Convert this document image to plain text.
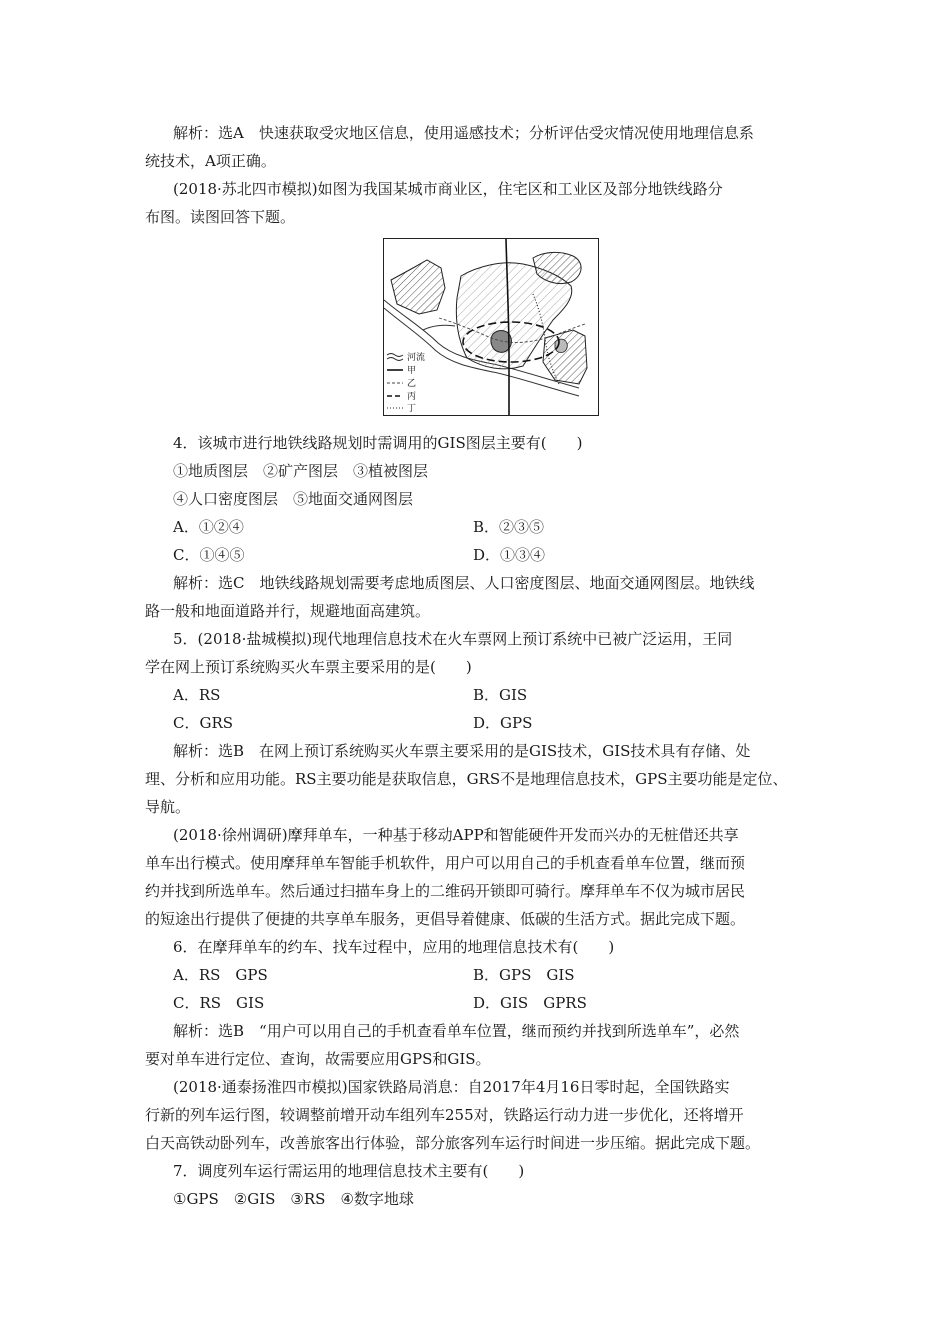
解析：选A　快速获取受灾地区信息，使用遥感技术；分析评估受灾情况使用地理信息系
统技术，A项正确。
(2018·苏北四市模拟)如图为我国某城市商业区，住宅区和工业区及部分地铁线路分
布图。读图回答下题。
河流
甲
乙
丙
丁
4．该城市进行地铁线路规划时需调用的GIS图层主要有(　　)
①地质图层　②矿产图层　③植被图层
④人口密度图层　⑤地面交通网图层
A．①②④	B．②③⑤
C．①④⑤	D．①③④
解析：选C　地铁线路规划需要考虑地质图层、人口密度图层、地面交通网图层。地铁线
路一般和地面道路并行，规避地面高建筑。
5．(2018·盐城模拟)现代地理信息技术在火车票网上预订系统中已被广泛运用，王同
学在网上预订系统购买火车票主要采用的是(　　)
A．RS	B．GIS
C．GRS	D．GPS
解析：选B　在网上预订系统购买火车票主要采用的是GIS技术，GIS技术具有存储、处
理、分析和应用功能。RS主要功能是获取信息，GRS不是地理信息技术，GPS主要功能是定位、
导航。
(2018·徐州调研)摩拜单车，一种基于移动APP和智能硬件开发而兴办的无桩借还共享
单车出行模式。使用摩拜单车智能手机软件，用户可以用自己的手机查看单车位置，继而预
约并找到所选单车。然后通过扫描车身上的二维码开锁即可骑行。摩拜单车不仅为城市居民
的短途出行提供了便捷的共享单车服务，更倡导着健康、低碳的生活方式。据此完成下题。
6．在摩拜单车的约车、找车过程中，应用的地理信息技术有(　　)
A．RS　GPS	B．GPS　GIS
C．RS　GIS	D．GIS　GPRS
解析：选B　“用户可以用自己的手机查看单车位置，继而预约并找到所选单车”，必然
要对单车进行定位、查询，故需要应用GPS和GIS。
(2018·通泰扬淮四市模拟)国家铁路局消息：自2017年4月16日零时起，全国铁路实
行新的列车运行图，较调整前增开动车组列车255对，铁路运行动力进一步优化，还将增开
白天高铁动卧列车，改善旅客出行体验，部分旅客列车运行时间进一步压缩。据此完成下题。
7．调度列车运行需运用的地理信息技术主要有(　　)
①GPS　②GIS　③RS　④数字地球
